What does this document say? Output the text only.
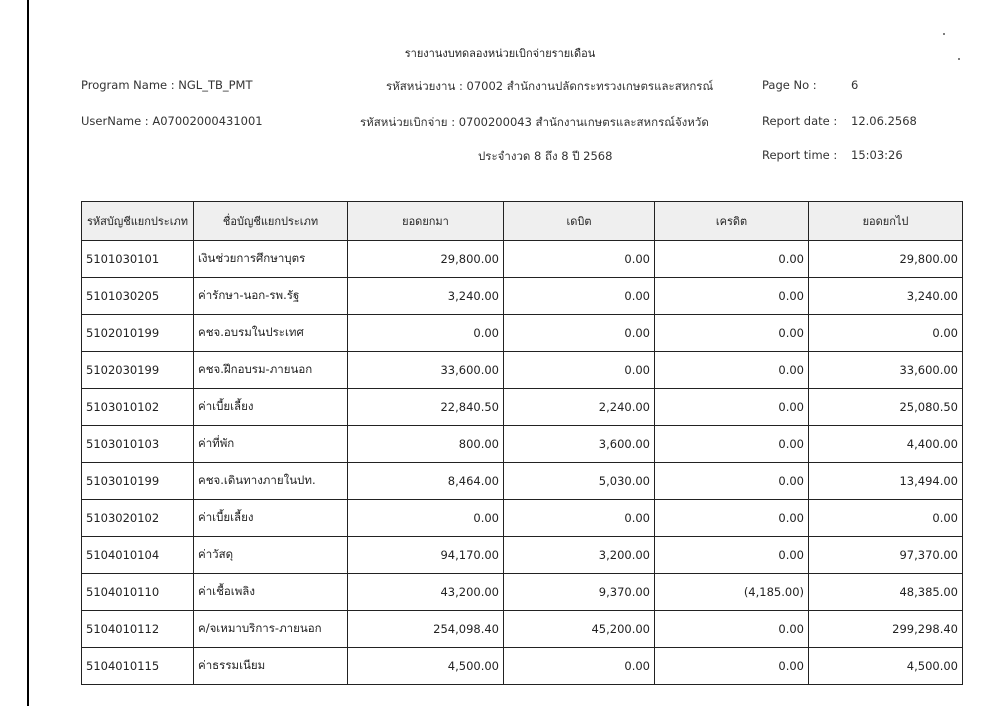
รายงานงบทดลองหน่วยเบิกจ่ายรายเดือน
Program Name : NGL_TB_PMT
UserName : A07002000431001
รหัสหน่วยงาน : 07002 สำนักงานปลัดกระทรวงเกษตรและสหกรณ์
รหัสหน่วยเบิกจ่าย : 0700200043 สำนักงานเกษตรและสหกรณ์จังหวัด
ประจำงวด 8 ถึง 8 ปี 2568
Page No :	6
Report date : 12.06.2568
Report time : 15:03:26
รหัสบัญชีแยกประเภท	ชื่อบัญชีแยกประเภท	ยอดยกมา	เดบิต	เครดิต	ยอดยกไป
5101030101	เงินช่วยการศึกษาบุตร	29,800.00	0.00	0.00	29,800.00
5101030205	ค่ารักษา-นอก-รพ.รัฐ	3,240.00	0.00	0.00	3,240.00
5102010199	คชจ.อบรมในประเทศ	0.00	0.00	0.00	0.00
5102030199	คชจ.ฝึกอบรม-ภายนอก	33,600.00	0.00	0.00	33,600.00
5103010102	ค่าเบี้ยเลี้ยง	22,840.50	2,240.00	0.00	25,080.50
5103010103	ค่าที่พัก	800.00	3,600.00	0.00	4,400.00
5103010199	คชจ.เดินทางภายในปท.	8,464.00	5,030.00	0.00	13,494.00
5103020102	ค่าเบี้ยเลี้ยง	0.00	0.00	0.00	0.00
5104010104	ค่าวัสดุ	94,170.00	3,200.00	0.00	97,370.00
5104010110	ค่าเชื้อเพลิง	43,200.00	9,370.00	(4,185.00)	48,385.00
5104010112	ค/จเหมาบริการ-ภายนอก	254,098.40	45,200.00	0.00	299,298.40
5104010115	ค่าธรรมเนียม	4,500.00	0.00	0.00	4,500.00
